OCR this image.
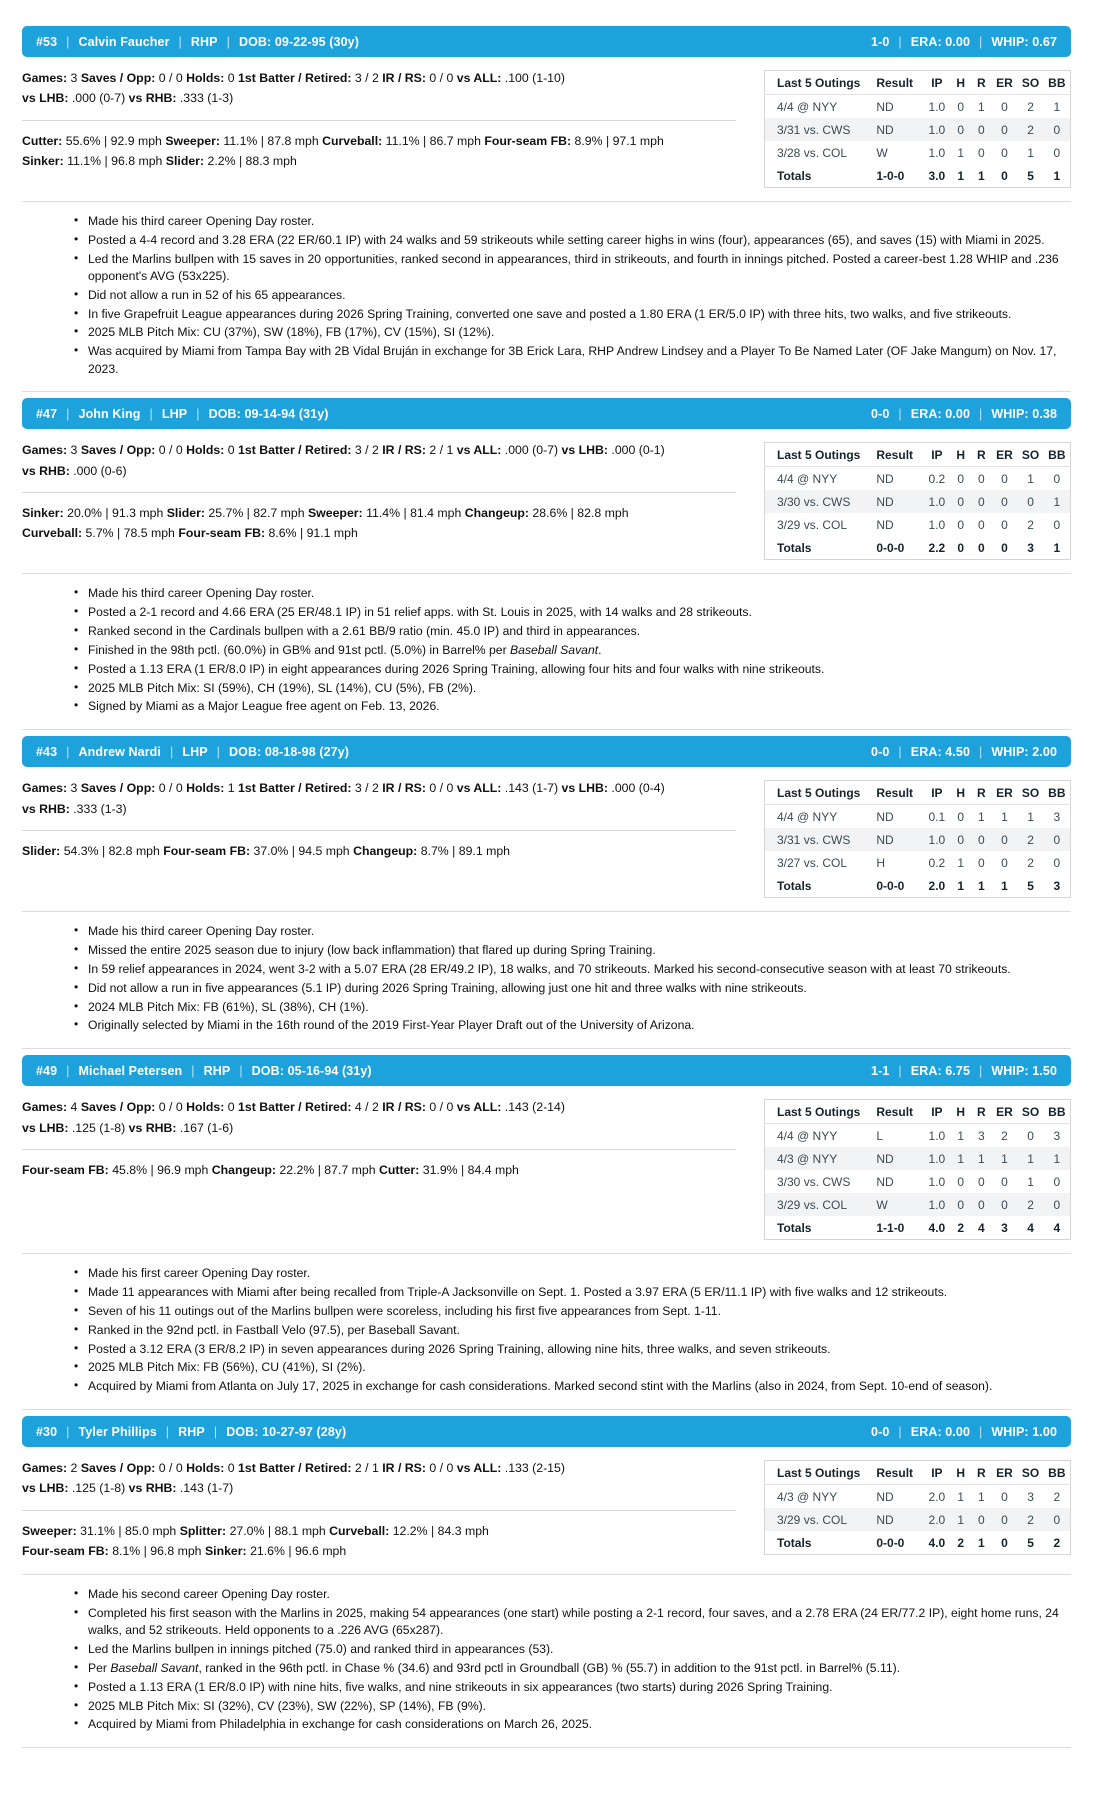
#53 | Calvin Faucher | RHP | DOB: 09-22-95 (30y)	1-0 | ERA: 0.00 | WHIP: 0.67
Games: 3 Saves / Opp: 0 / 0 Holds: 0 1st Batter / Retired: 3 / 2 IR / RS: 0 / 0 vs ALL: .100 (1-10)
vs LHB: .000 (0-7) vs RHB: .333 (1-3)
Cutter: 55.6% | 92.9 mph Sweeper: 11.1% | 87.8 mph Curveball: 11.1% | 86.7 mph Four-seam FB: 8.9% | 97.1 mph
Sinker: 11.1% | 96.8 mph Slider: 2.2% | 88.3 mph
Last 5 Outings	Result	IP	H	R	ER	SO	BB
4/4 @ NYY	ND	1.0	0	1	0	2	1
3/31 vs. CWS	ND	1.0	0	0	0	2	0
3/28 vs. COL	W	1.0	1	0	0	1	0
Totals	1-0-0	3.0	1	1	0	5	1
• Made his third career Opening Day roster.
• Posted a 4-4 record and 3.28 ERA (22 ER/60.1 IP) with 24 walks and 59 strikeouts while setting career highs in wins (four), appearances (65), and saves (15) with Miami in 2025.
• Led the Marlins bullpen with 15 saves in 20 opportunities, ranked second in appearances, third in strikeouts, and fourth in innings pitched. Posted a career-best 1.28 WHIP and .236 opponent's AVG (53x225).
• Did not allow a run in 52 of his 65 appearances.
• In five Grapefruit League appearances during 2026 Spring Training, converted one save and posted a 1.80 ERA (1 ER/5.0 IP) with three hits, two walks, and five strikeouts.
• 2025 MLB Pitch Mix: CU (37%), SW (18%), FB (17%), CV (15%), SI (12%).
• Was acquired by Miami from Tampa Bay with 2B Vidal Bruján in exchange for 3B Erick Lara, RHP Andrew Lindsey and a Player To Be Named Later (OF Jake Mangum) on Nov. 17, 2023.
#47 | John King | LHP | DOB: 09-14-94 (31y)	0-0 | ERA: 0.00 | WHIP: 0.38
Games: 3 Saves / Opp: 0 / 0 Holds: 0 1st Batter / Retired: 3 / 2 IR / RS: 2 / 1 vs ALL: .000 (0-7) vs LHB: .000 (0-1)
vs RHB: .000 (0-6)
Sinker: 20.0% | 91.3 mph Slider: 25.7% | 82.7 mph Sweeper: 11.4% | 81.4 mph Changeup: 28.6% | 82.8 mph
Curveball: 5.7% | 78.5 mph Four-seam FB: 8.6% | 91.1 mph
Last 5 Outings	Result	IP	H	R	ER	SO	BB
4/4 @ NYY	ND	0.2	0	0	0	1	0
3/30 vs. CWS	ND	1.0	0	0	0	0	1
3/29 vs. COL	ND	1.0	0	0	0	2	0
Totals	0-0-0	2.2	0	0	0	3	1
• Made his third career Opening Day roster.
• Posted a 2-1 record and 4.66 ERA (25 ER/48.1 IP) in 51 relief apps. with St. Louis in 2025, with 14 walks and 28 strikeouts.
• Ranked second in the Cardinals bullpen with a 2.61 BB/9 ratio (min. 45.0 IP) and third in appearances.
• Finished in the 98th pctl. (60.0%) in GB% and 91st pctl. (5.0%) in Barrel% per Baseball Savant.
• Posted a 1.13 ERA (1 ER/8.0 IP) in eight appearances during 2026 Spring Training, allowing four hits and four walks with nine strikeouts.
• 2025 MLB Pitch Mix: SI (59%), CH (19%), SL (14%), CU (5%), FB (2%).
• Signed by Miami as a Major League free agent on Feb. 13, 2026.
#43 | Andrew Nardi | LHP | DOB: 08-18-98 (27y)	0-0 | ERA: 4.50 | WHIP: 2.00
Games: 3 Saves / Opp: 0 / 0 Holds: 1 1st Batter / Retired: 3 / 2 IR / RS: 0 / 0 vs ALL: .143 (1-7) vs LHB: .000 (0-4)
vs RHB: .333 (1-3)
Slider: 54.3% | 82.8 mph Four-seam FB: 37.0% | 94.5 mph Changeup: 8.7% | 89.1 mph
Last 5 Outings	Result	IP	H	R	ER	SO	BB
4/4 @ NYY	ND	0.1	0	1	1	1	3
3/31 vs. CWS	ND	1.0	0	0	0	2	0
3/27 vs. COL	H	0.2	1	0	0	2	0
Totals	0-0-0	2.0	1	1	1	5	3
• Made his third career Opening Day roster.
• Missed the entire 2025 season due to injury (low back inflammation) that flared up during Spring Training.
• In 59 relief appearances in 2024, went 3-2 with a 5.07 ERA (28 ER/49.2 IP), 18 walks, and 70 strikeouts. Marked his second-consecutive season with at least 70 strikeouts.
• Did not allow a run in five appearances (5.1 IP) during 2026 Spring Training, allowing just one hit and three walks with nine strikeouts.
• 2024 MLB Pitch Mix: FB (61%), SL (38%), CH (1%).
• Originally selected by Miami in the 16th round of the 2019 First-Year Player Draft out of the University of Arizona.
#49 | Michael Petersen | RHP | DOB: 05-16-94 (31y)	1-1 | ERA: 6.75 | WHIP: 1.50
Games: 4 Saves / Opp: 0 / 0 Holds: 0 1st Batter / Retired: 4 / 2 IR / RS: 0 / 0 vs ALL: .143 (2-14)
vs LHB: .125 (1-8) vs RHB: .167 (1-6)
Four-seam FB: 45.8% | 96.9 mph Changeup: 22.2% | 87.7 mph Cutter: 31.9% | 84.4 mph
Last 5 Outings	Result	IP	H	R	ER	SO	BB
4/4 @ NYY	L	1.0	1	3	2	0	3
4/3 @ NYY	ND	1.0	1	1	1	1	1
3/30 vs. CWS	ND	1.0	0	0	0	1	0
3/29 vs. COL	W	1.0	0	0	0	2	0
Totals	1-1-0	4.0	2	4	3	4	4
• Made his first career Opening Day roster.
• Made 11 appearances with Miami after being recalled from Triple-A Jacksonville on Sept. 1. Posted a 3.97 ERA (5 ER/11.1 IP) with five walks and 12 strikeouts.
• Seven of his 11 outings out of the Marlins bullpen were scoreless, including his first five appearances from Sept. 1-11.
• Ranked in the 92nd pctl. in Fastball Velo (97.5), per Baseball Savant.
• Posted a 3.12 ERA (3 ER/8.2 IP) in seven appearances during 2026 Spring Training, allowing nine hits, three walks, and seven strikeouts.
• 2025 MLB Pitch Mix: FB (56%), CU (41%), SI (2%).
• Acquired by Miami from Atlanta on July 17, 2025 in exchange for cash considerations. Marked second stint with the Marlins (also in 2024, from Sept. 10-end of season).
#30 | Tyler Phillips | RHP | DOB: 10-27-97 (28y)	0-0 | ERA: 0.00 | WHIP: 1.00
Games: 2 Saves / Opp: 0 / 0 Holds: 0 1st Batter / Retired: 2 / 1 IR / RS: 0 / 0 vs ALL: .133 (2-15)
vs LHB: .125 (1-8) vs RHB: .143 (1-7)
Sweeper: 31.1% | 85.0 mph Splitter: 27.0% | 88.1 mph Curveball: 12.2% | 84.3 mph
Four-seam FB: 8.1% | 96.8 mph Sinker: 21.6% | 96.6 mph
Last 5 Outings	Result	IP	H	R	ER	SO	BB
4/3 @ NYY	ND	2.0	1	1	0	3	2
3/29 vs. COL	ND	2.0	1	0	0	2	0
Totals	0-0-0	4.0	2	1	0	5	2
• Made his second career Opening Day roster.
• Completed his first season with the Marlins in 2025, making 54 appearances (one start) while posting a 2-1 record, four saves, and a 2.78 ERA (24 ER/77.2 IP), eight home runs, 24 walks, and 52 strikeouts. Held opponents to a .226 AVG (65x287).
• Led the Marlins bullpen in innings pitched (75.0) and ranked third in appearances (53).
• Per Baseball Savant, ranked in the 96th pctl. in Chase % (34.6) and 93rd pctl in Groundball (GB) % (55.7) in addition to the 91st pctl. in Barrel% (5.11).
• Posted a 1.13 ERA (1 ER/8.0 IP) with nine hits, five walks, and nine strikeouts in six appearances (two starts) during 2026 Spring Training.
• 2025 MLB Pitch Mix: SI (32%), CV (23%), SW (22%), SP (14%), FB (9%).
• Acquired by Miami from Philadelphia in exchange for cash considerations on March 26, 2025.
